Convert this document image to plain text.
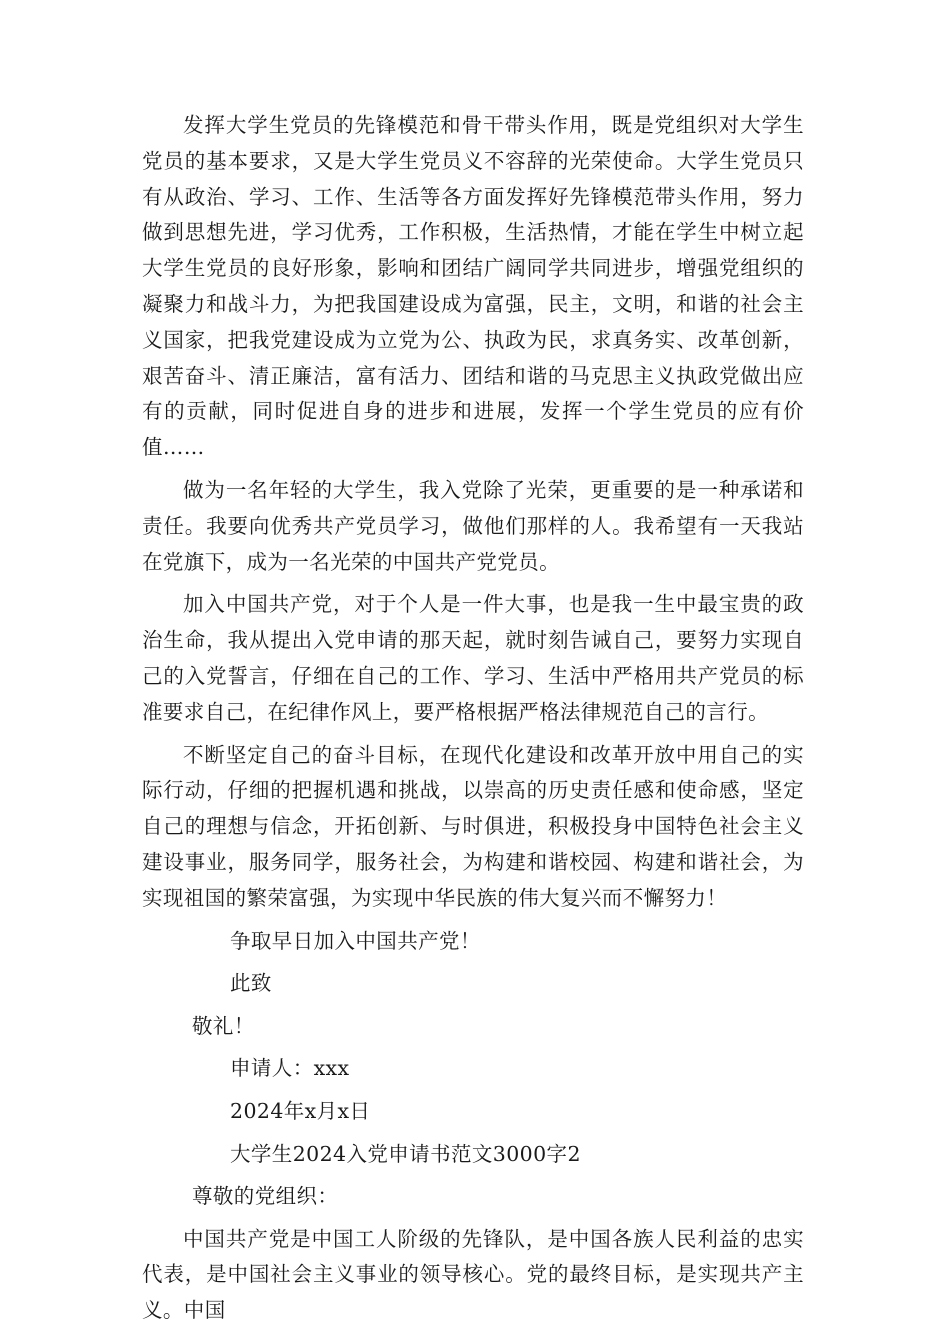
发挥大学生党员的先锋模范和骨干带头作用，既是党组织对大学生党员的基本要求，又是大学生党员义不容辞的光荣使命。大学生党员只有从政治、学习、工作、生活等各方面发挥好先锋模范带头作用，努力做到思想先进，学习优秀，工作积极，生活热情，才能在学生中树立起大学生党员的良好形象，影响和团结广阔同学共同进步，增强党组织的凝聚力和战斗力，为把我国建设成为富强，民主，文明，和谐的社会主义国家，把我党建设成为立党为公、执政为民，求真务实、改革创新，艰苦奋斗、清正廉洁，富有活力、团结和谐的马克思主义执政党做出应有的贡献，同时促进自身的进步和进展，发挥一个学生党员的应有价值……

做为一名年轻的大学生，我入党除了光荣，更重要的是一种承诺和责任。我要向优秀共产党员学习，做他们那样的人。我希望有一天我站在党旗下，成为一名光荣的中国共产党党员。

加入中国共产党，对于个人是一件大事，也是我一生中最宝贵的政治生命，我从提出入党申请的那天起，就时刻告诫自己，要努力实现自己的入党誓言，仔细在自己的工作、学习、生活中严格用共产党员的标准要求自己，在纪律作风上，要严格根据严格法律规范自己的言行。

不断坚定自己的奋斗目标，在现代化建设和改革开放中用自己的实际行动，仔细的把握机遇和挑战，以崇高的历史责任感和使命感，坚定自己的理想与信念，开拓创新、与时俱进，积极投身中国特色社会主义建设事业，服务同学，服务社会，为构建和谐校园、构建和谐社会，为实现祖国的繁荣富强，为实现中华民族的伟大复兴而不懈努力！

争取早日加入中国共产党！

此致

敬礼！

申请人：xxx

2024年x月x日

大学生2024入党申请书范文3000字2

尊敬的党组织：

中国共产党是中国工人阶级的先锋队，是中国各族人民利益的忠实代表，是中国社会主义事业的领导核心。党的最终目标，是实现共产主义。中国
